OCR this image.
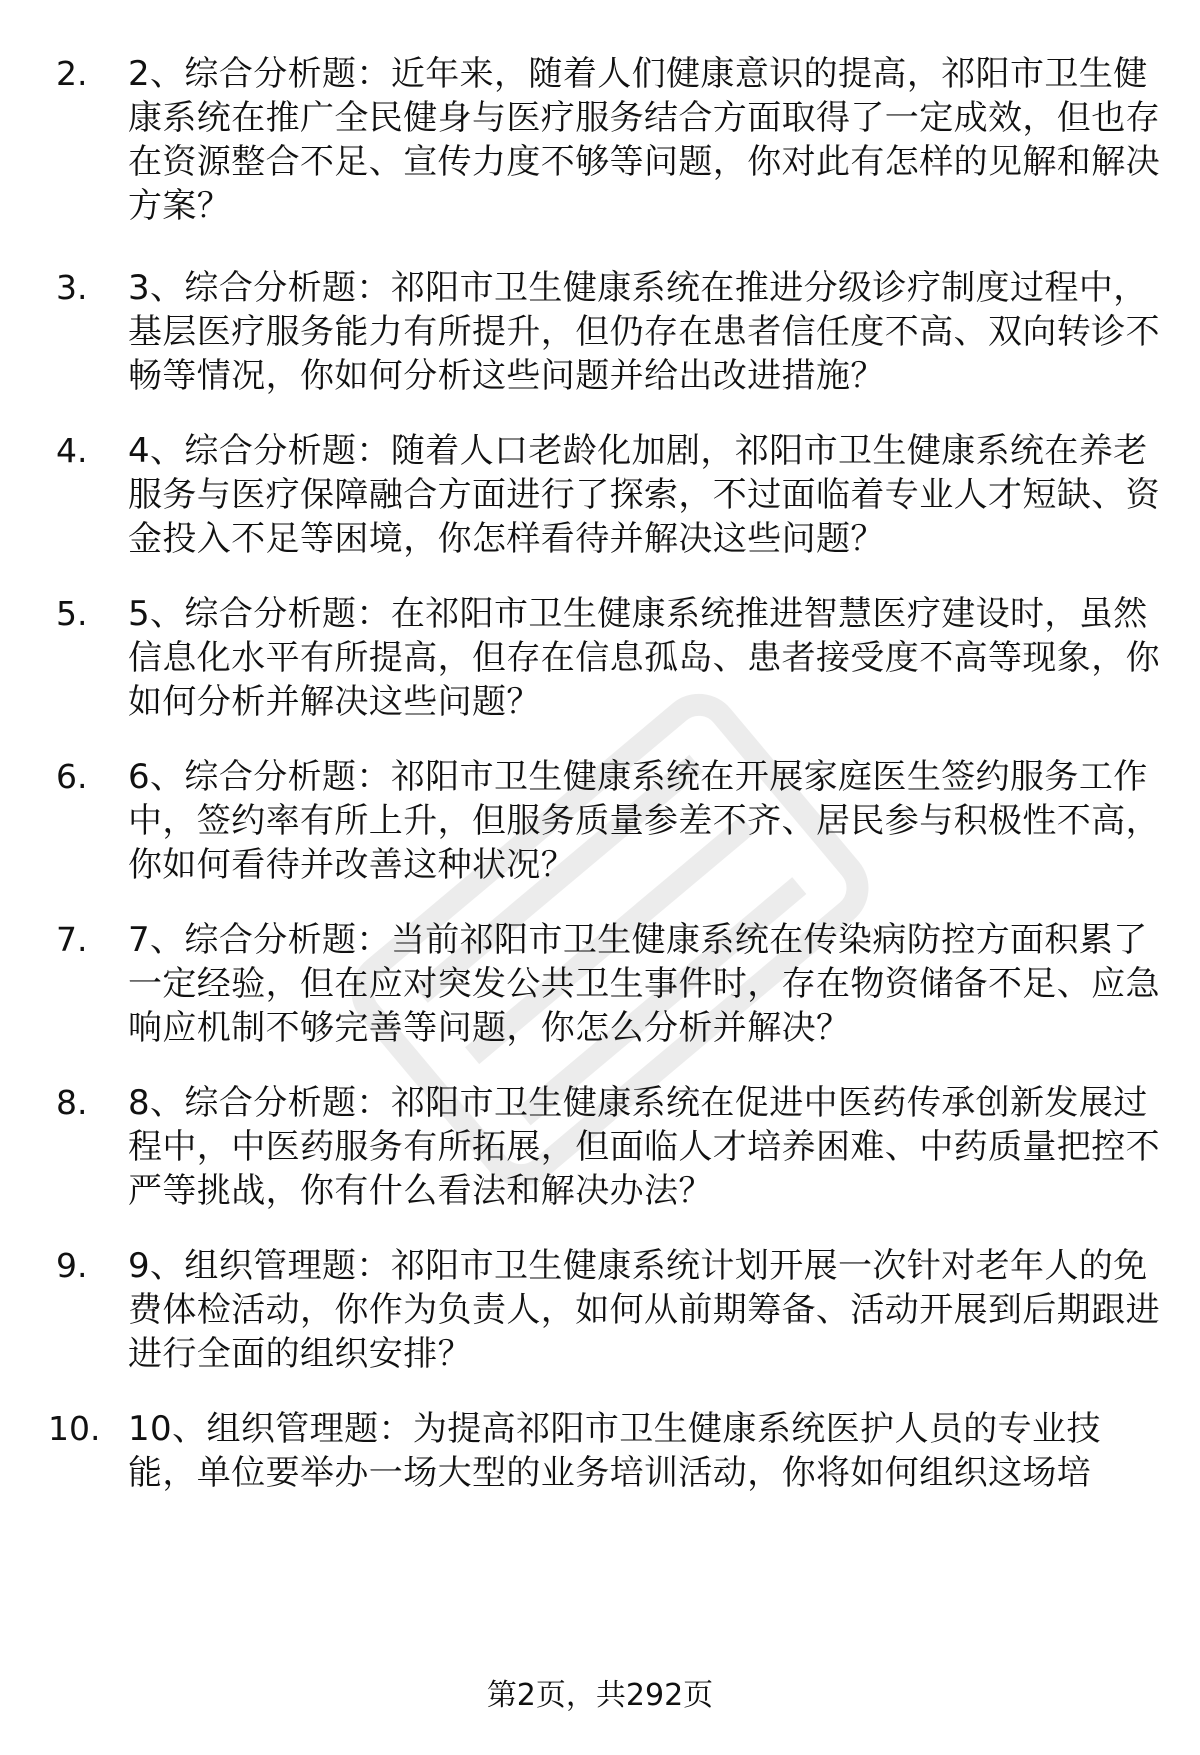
2.	2、综合分析题：近年来，随着人们健康意识的提高，祁阳市卫生健康系统在推广全民健身与医疗服务结合方面取得了一定成效，但也存在资源整合不足、宣传力度不够等问题，你对此有怎样的见解和解决方案？
3.	3、综合分析题：祁阳市卫生健康系统在推进分级诊疗制度过程中，基层医疗服务能力有所提升，但仍存在患者信任度不高、双向转诊不畅等情况，你如何分析这些问题并给出改进措施？
4.	4、综合分析题：随着人口老龄化加剧，祁阳市卫生健康系统在养老服务与医疗保障融合方面进行了探索，不过面临着专业人才短缺、资金投入不足等困境，你怎样看待并解决这些问题？
5.	5、综合分析题：在祁阳市卫生健康系统推进智慧医疗建设时，虽然信息化水平有所提高，但存在信息孤岛、患者接受度不高等现象，你如何分析并解决这些问题？
6.	6、综合分析题：祁阳市卫生健康系统在开展家庭医生签约服务工作中，签约率有所上升，但服务质量参差不齐、居民参与积极性不高，你如何看待并改善这种状况？
7.	7、综合分析题：当前祁阳市卫生健康系统在传染病防控方面积累了一定经验，但在应对突发公共卫生事件时，存在物资储备不足、应急响应机制不够完善等问题，你怎么分析并解决？
8.	8、综合分析题：祁阳市卫生健康系统在促进中医药传承创新发展过程中，中医药服务有所拓展，但面临人才培养困难、中药质量把控不严等挑战，你有什么看法和解决办法？
9.	9、组织管理题：祁阳市卫生健康系统计划开展一次针对老年人的免费体检活动，你作为负责人，如何从前期筹备、活动开展到后期跟进进行全面的组织安排？
10. 10、组织管理题：为提高祁阳市卫生健康系统医护人员的专业技能，单位要举办一场大型的业务培训活动，你将如何组织这场培
第2页，共292页
